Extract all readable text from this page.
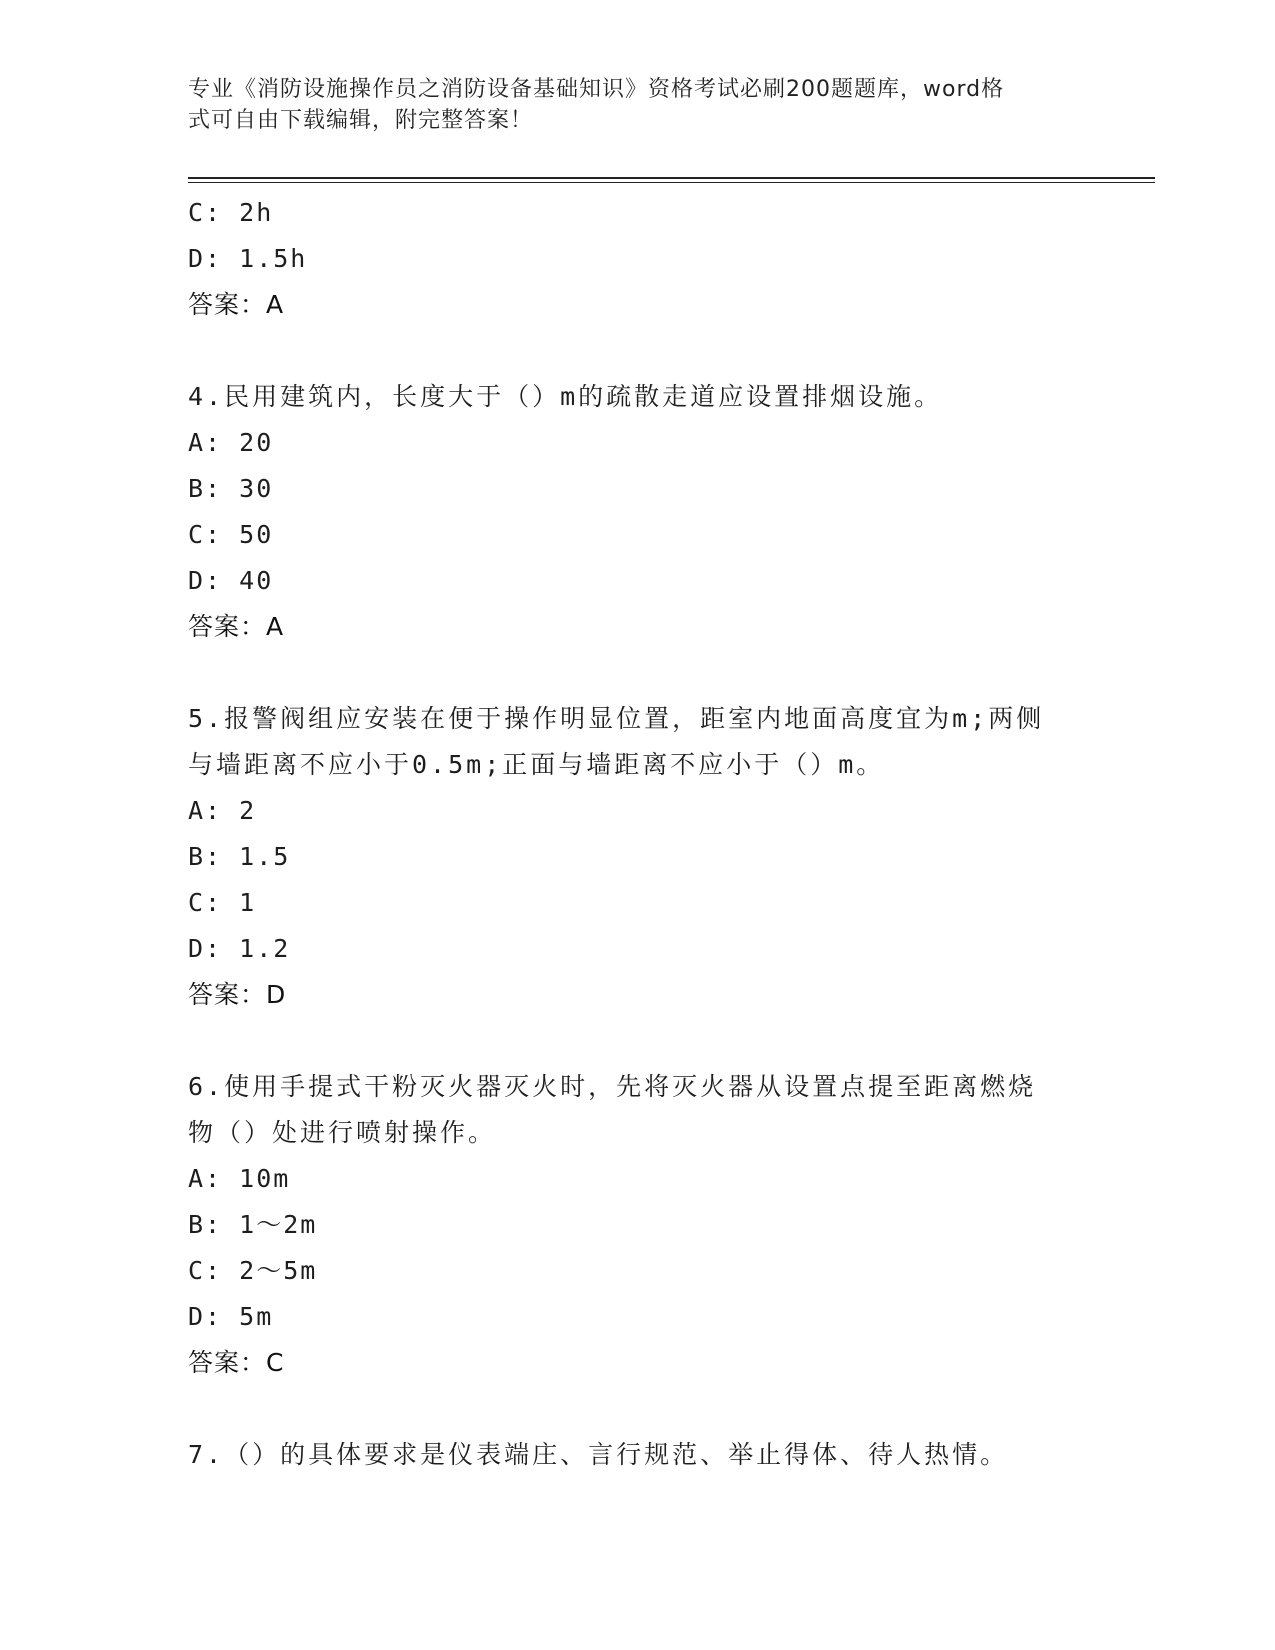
专业《消防设施操作员之消防设备基础知识》资格考试必刷200题题库，word格
式可自由下载编辑，附完整答案！
C: 2h
D: 1.5h
答案：A
4.民用建筑内，长度大于（）m的疏散走道应设置排烟设施。
A: 20
B: 30
C: 50
D: 40
答案：A
5.报警阀组应安装在便于操作明显位置，距室内地面高度宜为m;两侧
与墙距离不应小于0.5m;正面与墙距离不应小于（）m。
A: 2
B: 1.5
C: 1
D: 1.2
答案：D
6.使用手提式干粉灭火器灭火时，先将灭火器从设置点提至距离燃烧
物（）处进行喷射操作。
A: 10m
B: 1～2m
C: 2～5m
D: 5m
答案：C
7.（）的具体要求是仪表端庄、言行规范、举止得体、待人热情。
